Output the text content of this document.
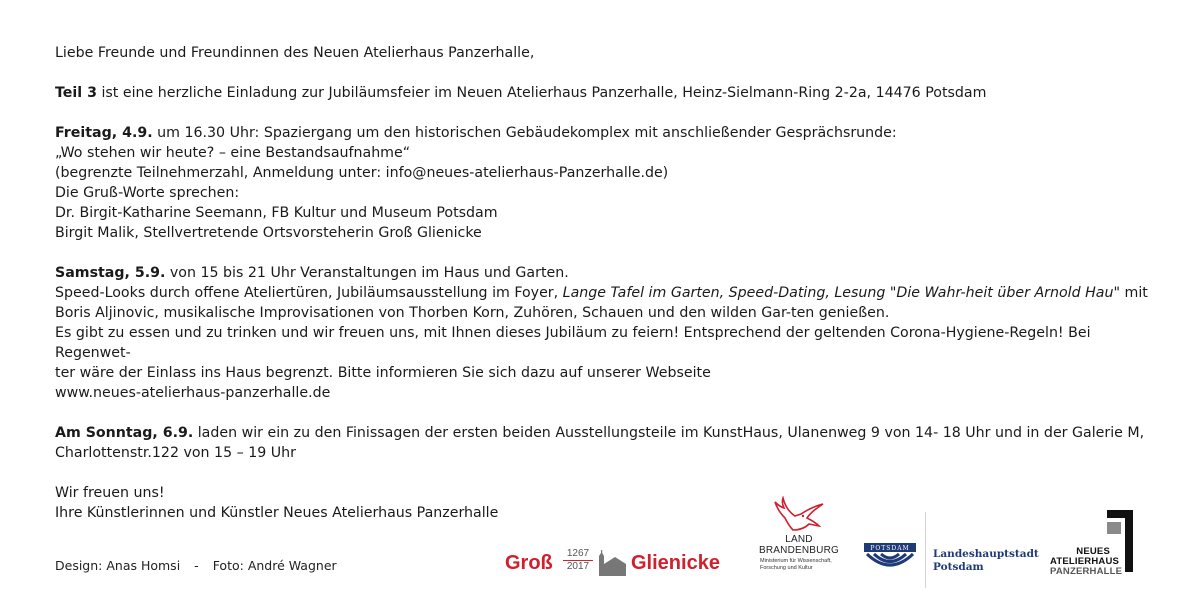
Liebe Freunde und Freundinnen des Neuen Atelierhaus Panzerhalle,

Teil 3 ist eine herzliche Einladung zur Jubiläumsfeier im Neuen Atelierhaus Panzerhalle, Heinz-Sielmann-Ring 2-2a, 14476 Potsdam

Freitag, 4.9. um 16.30 Uhr: Spaziergang um den historischen Gebäudekomplex mit anschließender Gesprächsrunde:

„Wo stehen wir heute? – eine Bestandsaufnahme“

(begrenzte Teilnehmerzahl, Anmeldung unter: info@neues-atelierhaus-Panzerhalle.de)

Die Gruß-Worte sprechen:

Dr. Birgit-Katharine Seemann, FB Kultur und Museum Potsdam

Birgit Malik, Stellvertretende Ortsvorsteherin Groß Glienicke

Samstag, 5.9. von 15 bis 21 Uhr Veranstaltungen im Haus und Garten.

Speed-Looks durch offene Ateliertüren, Jubiläumsausstellung im Foyer, Lange Tafel im Garten, Speed-Dating, Lesung "Die Wahr-heit über Arnold Hau" mit

Boris Aljinovic, musikalische Improvisationen von Thorben Korn, Zuhören, Schauen und den wilden Gar-ten genießen.

Es gibt zu essen und zu trinken und wir freuen uns, mit Ihnen dieses Jubiläum zu feiern! Entsprechend der geltenden Corona-Hygiene-Regeln! Bei Regenwet-

ter wäre der Einlass ins Haus begrenzt. Bitte informieren Sie sich dazu auf unserer Webseite

www.neues-atelierhaus-panzerhalle.de

Am Sonntag, 6.9. laden wir ein zu den Finissagen der ersten beiden Ausstellungsteile im KunstHaus, Ulanenweg 9 von 14- 18 Uhr und in der Galerie M,

Charlottenstr.122 von 15 – 19 Uhr

Wir freuen uns!

Ihre Künstlerinnen und Künstler Neues Atelierhaus Panzerhalle

Design: Anas Homsi - Foto: André Wagner	Groß	1267
2017 Glienicke
LAND
BRANDENBURG
Ministerium für Wissenschaft,
Forschung und Kultur
POTSDAM Landeshauptstadt
Potsdam
NEUES
ATELIERHAUS
PANZERHALLE
